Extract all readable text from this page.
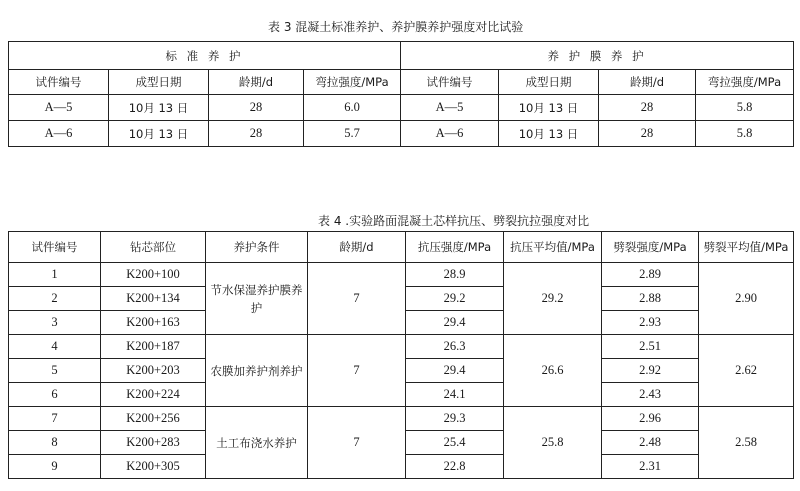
表 3 混凝土标准养护、养护膜养护强度对比试验
标 准 养 护				养 护 膜 养 护			
试件编号	成型日期	龄期/d	弯拉强度/MPa	试件编号	成型日期	龄期/d	弯拉强度/MPa
A—5	10月 13 日	28	6.0	A—5	10月 13 日	28	5.8
A—6	10月 13 日	28	5.7	A—6	10月 13 日	28	5.8
表 4 .实验路面混凝土芯样抗压、劈裂抗拉强度对比
试件编号	钻芯部位	养护条件	龄期/d	抗压强度/MPa	抗压平均值/MPa	劈裂强度/MPa	劈裂平均值/MPa
1	K200+100	节水保湿养护膜养护	7	28.9	29.2	2.89	2.90
2	K200+134			29.2		2.88	
3	K200+163			29.4		2.93	
4	K200+187	农膜加养护剂养护	7	26.3	26.6	2.51	2.62
5	K200+203			29.4		2.92	
6	K200+224			24.1		2.43	
7	K200+256	土工布浇水养护	7	29.3	25.8	2.96	2.58
8	K200+283			25.4		2.48	
9	K200+305			22.8		2.31	
